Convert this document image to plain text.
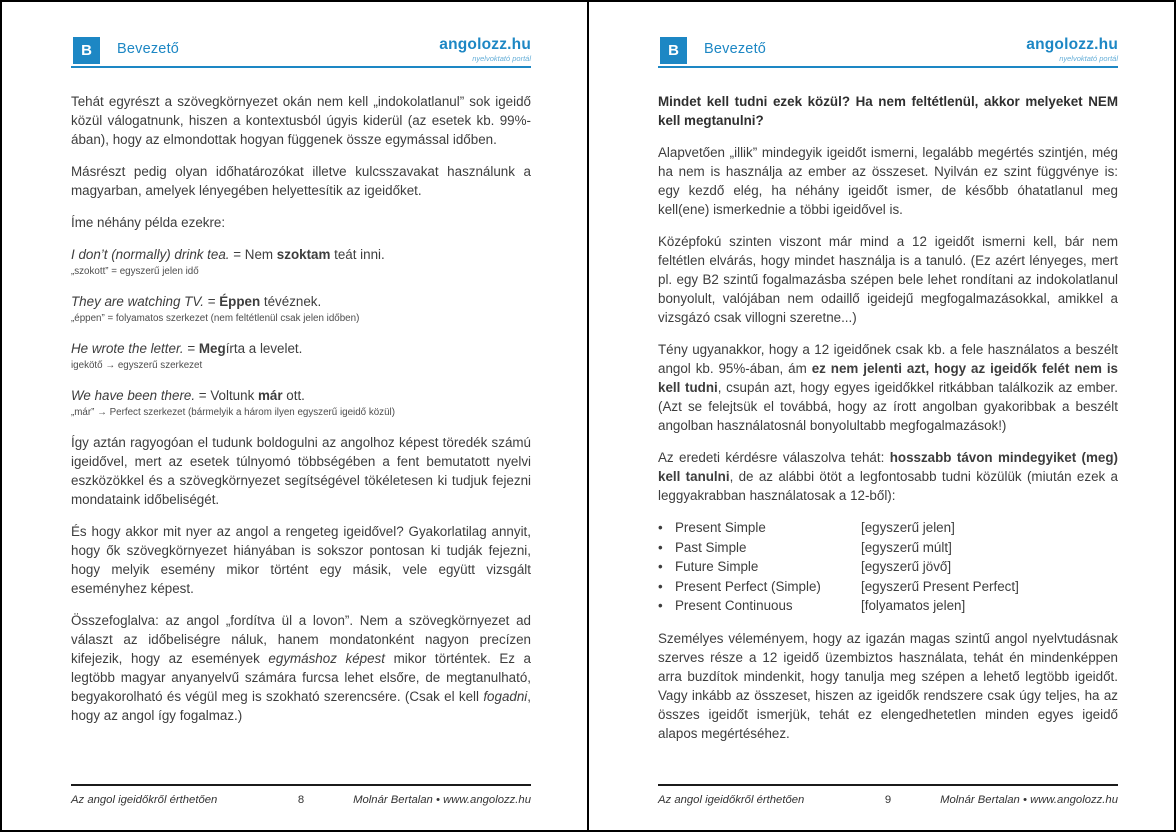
B	Bevezető	angolozz.hu
nyelvoktató portál

Tehát egyrészt a szövegkörnyezet okán nem kell „indokolatlanul” sok igeidő közül válogatnunk, hiszen a kontextusból úgyis kiderül (az esetek kb. 99%-ában), hogy az elmondottak hogyan függenek össze egymással időben.

Másrészt pedig olyan időhatározókat illetve kulcsszavakat használunk a magyarban, amelyek lényegében helyettesítik az igeidőket.

Íme néhány példa ezekre:

I don’t (normally) drink tea. = Nem szoktam teát inni.
„szokott” = egyszerű jelen idő
They are watching TV. = Éppen tévéznek.
„éppen” = folyamatos szerkezet (nem feltétlenül csak jelen időben)
He wrote the letter. = Megírta a levelet.
igekötő → egyszerű szerkezet
We have been there. = Voltunk már ott.
„már” → Perfect szerkezet (bármelyik a három ilyen egyszerű igeidő közül)

Így aztán ragyogóan el tudunk boldogulni az angolhoz képest töredék számú igeidővel, mert az esetek túlnyomó többségében a fent bemutatott nyelvi eszközökkel és a szövegkörnyezet segítségével tökéletesen ki tudjuk fejezni mondataink időbeliségét.

És hogy akkor mit nyer az angol a rengeteg igeidővel? Gyakorlatilag annyit, hogy ők szövegkörnyezet hiányában is sokszor pontosan ki tudják fejezni, hogy melyik esemény mikor történt egy másik, vele együtt vizsgált eseményhez képest.

Összefoglalva: az angol „fordítva ül a lovon”. Nem a szövegkörnyezet ad választ az időbeliségre náluk, hanem mondatonként nagyon precízen kifejezik, hogy az események egymáshoz képest mikor történtek. Ez a legtöbb magyar anyanyelvű számára furcsa lehet elsőre, de megtanulható, begyakorolható és végül meg is szokható szerencsére. (Csak el kell fogadni, hogy az angol így fogalmaz.)

Az angol igeidőkről érthetően	8	Molnár Bertalan • www.angolozz.hu
B	Bevezető	angolozz.hu
nyelvoktató portál

Mindet kell tudni ezek közül? Ha nem feltétlenül, akkor melyeket NEM kell megtanulni?

Alapvetően „illik” mindegyik igeidőt ismerni, legalább megértés szintjén, még ha nem is használja az ember az összeset. Nyilván ez szint függvénye is: egy kezdő elég, ha néhány igeidőt ismer, de később óhatatlanul meg kell(ene) ismerkednie a többi igeidővel is.

Középfokú szinten viszont már mind a 12 igeidőt ismerni kell, bár nem feltétlen elvárás, hogy mindet használja is a tanuló. (Ez azért lényeges, mert pl. egy B2 szintű fogalmazásba szépen bele lehet rondítani az indokolatlanul bonyolult, valójában nem odaillő igeidejű megfogalmazásokkal, amikkel a vizsgázó csak villogni szeretne...)

Tény ugyanakkor, hogy a 12 igeidőnek csak kb. a fele használatos a beszélt angol kb. 95%-ában, ám ez nem jelenti azt, hogy az igeidők felét nem is kell tudni, csupán azt, hogy egyes igeidőkkel ritkábban találkozik az ember. (Azt se felejtsük el továbbá, hogy az írott angolban gyakoribbak a beszélt angolban használatosnál bonyolultabb megfogalmazások!)

Az eredeti kérdésre válaszolva tehát: hosszabb távon mindegyiket (meg) kell tanulni, de az alábbi ötöt a legfontosabb tudni közülük (miután ezek a leggyakrabban használatosak a 12-ből):

• Present Simple	[egyszerű jelen]
• Past Simple	[egyszerű múlt]
• Future Simple	[egyszerű jövő]
• Present Perfect (Simple)	[egyszerű Present Perfect]
• Present Continuous	[folyamatos jelen]

Személyes véleményem, hogy az igazán magas szintű angol nyelvtudásnak szerves része a 12 igeidő üzembiztos használata, tehát én mindenképpen arra buzdítok mindenkit, hogy tanulja meg szépen a lehető legtöbb igeidőt. Vagy inkább az összeset, hiszen az igeidők rendszere csak úgy teljes, ha az összes igeidőt ismerjük, tehát ez elengedhetetlen minden egyes igeidő alapos megértéséhez.

Az angol igeidőkről érthetően	9	Molnár Bertalan • www.angolozz.hu
